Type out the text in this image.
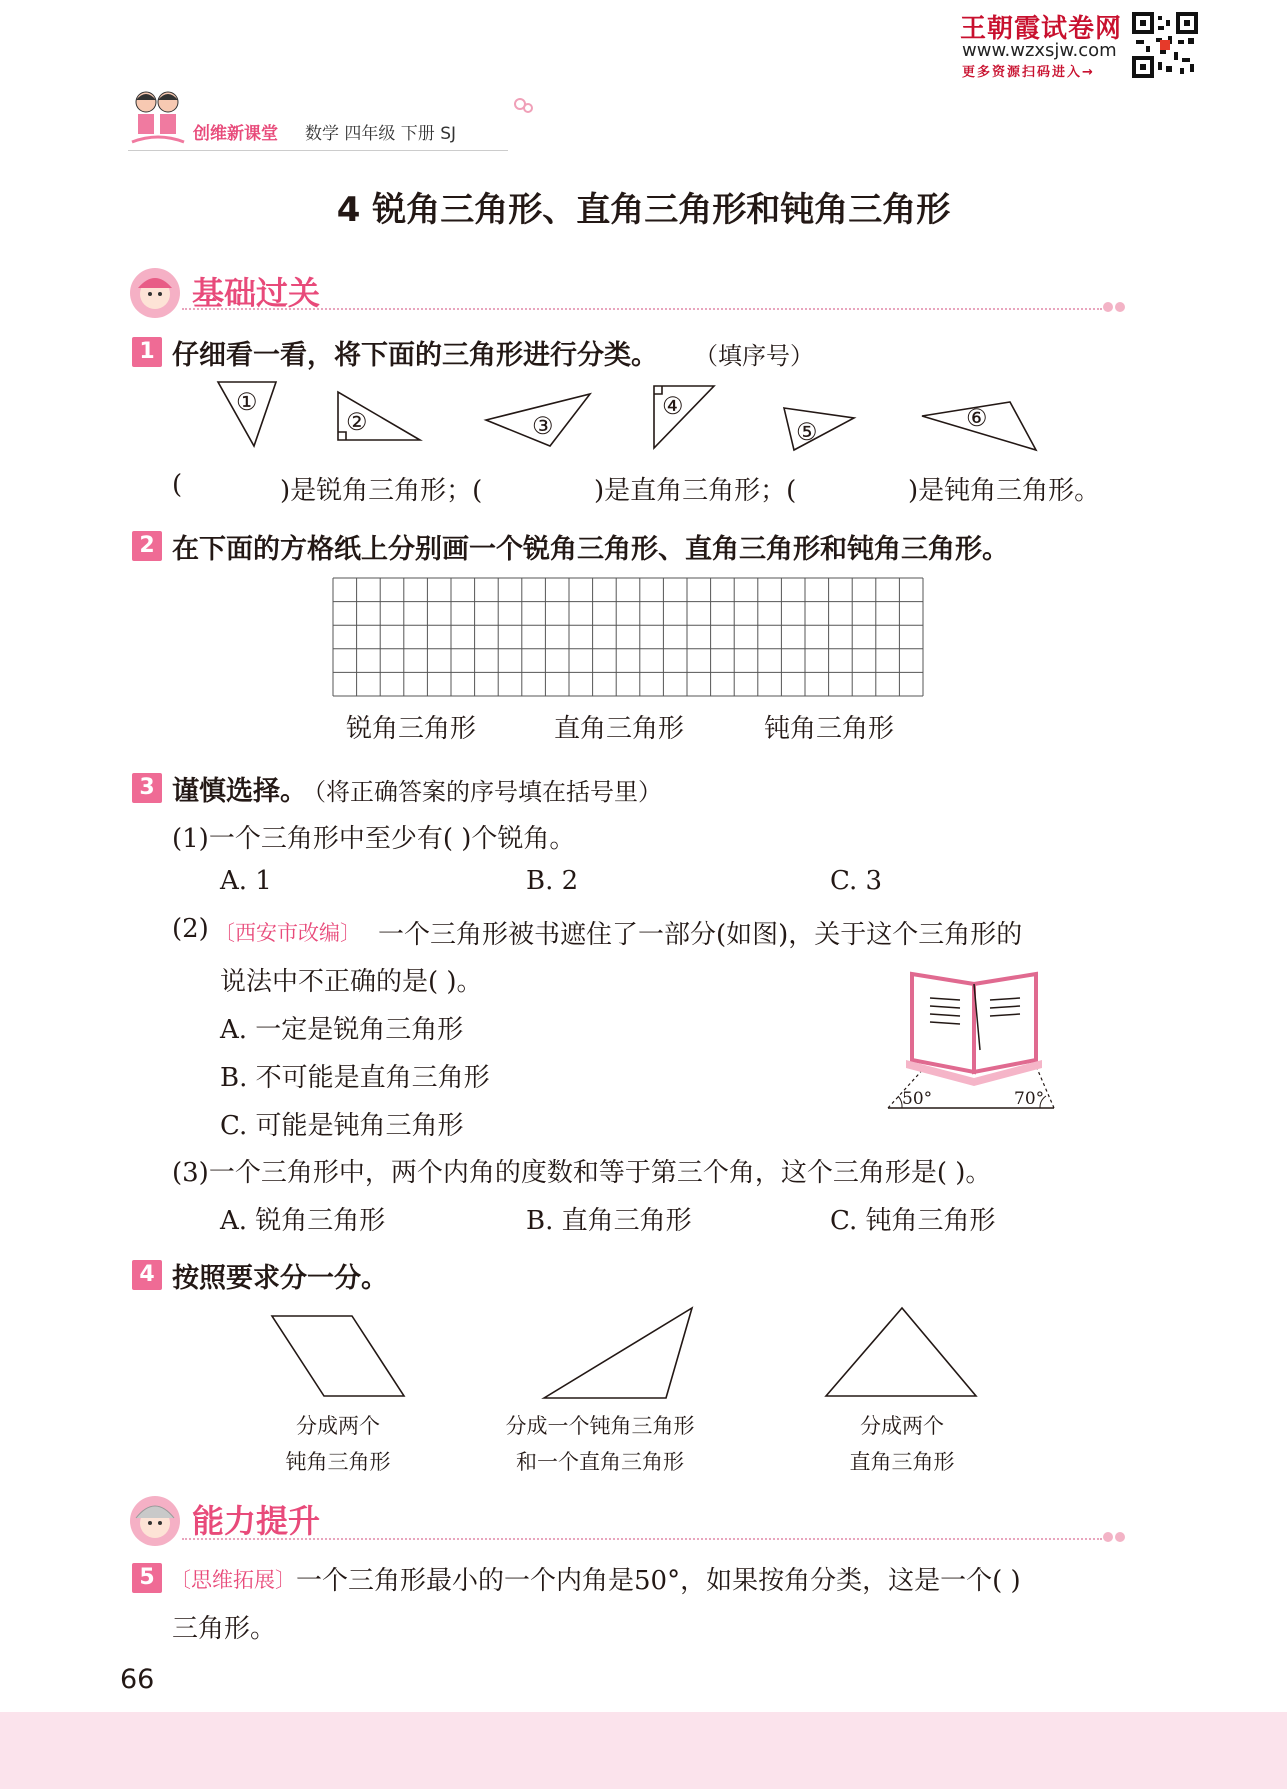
王朝霞试卷网
www.wzxsjw.com
更多资源扫码进入→
创维新课堂 数学 四年级 下册 SJ
4 锐角三角形、直角三角形和钝角三角形
基础过关
1 仔细看一看，将下面的三角形进行分类。 （填序号）
①
②	③
④
⑤	⑥
(	)是锐角三角形；(	)是直角三角形；(	)是钝角三角形。
2 在下面的方格纸上分别画一个锐角三角形、直角三角形和钝角三角形。
锐角三角形	直角三角形	钝角三角形
3 谨慎选择。
（将正确答案的序号填在括号里）
(1)一个三角形中至少有( )个锐角。
A. 1	B. 2	C. 3
(2) 〔西安市改编〕 一个三角形被书遮住了一部分(如图)，关于这个三角形的
说法中不正确的是( )。
A. 一定是锐角三角形
B. 不可能是直角三角形
C. 可能是钝角三角形
50°	70°
(3)一个三角形中，两个内角的度数和等于第三个角，这个三角形是( )。
A. 锐角三角形	B. 直角三角形	C. 钝角三角形
4 按照要求分一分。
分成两个
钝角三角形
分成一个钝角三角形
和一个直角三角形
分成两个
直角三角形
能力提升
5 〔思维拓展〕 一个三角形最小的一个内角是50°，如果按角分类，这是一个( )
三角形。
66
